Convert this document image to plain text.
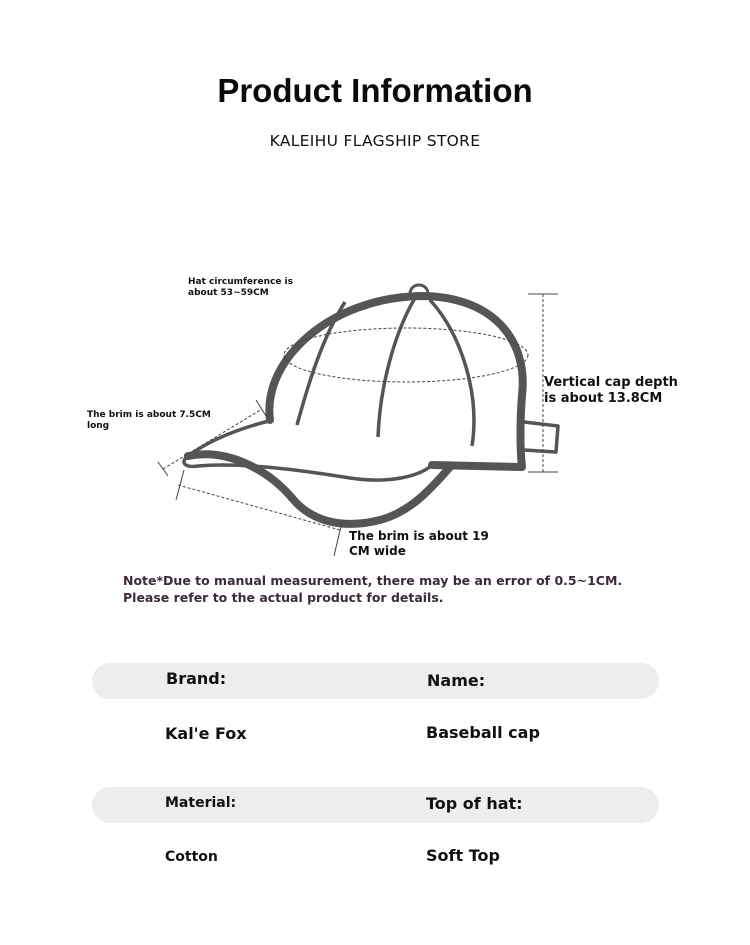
Product Information
KALEIHU FLAGSHIP STORE
Hat circumference is about 53~59CM
The brim is about 7.5CM long
Vertical cap depth is about 13.8CM
The brim is about 19 CM wide
Note*Due to manual measurement, there may be an error of 0.5~1CM. Please refer to the actual product for details.
Brand:	Name:
Kal'e Fox	Baseball cap
Material:	Top of hat:
Cotton	Soft Top
